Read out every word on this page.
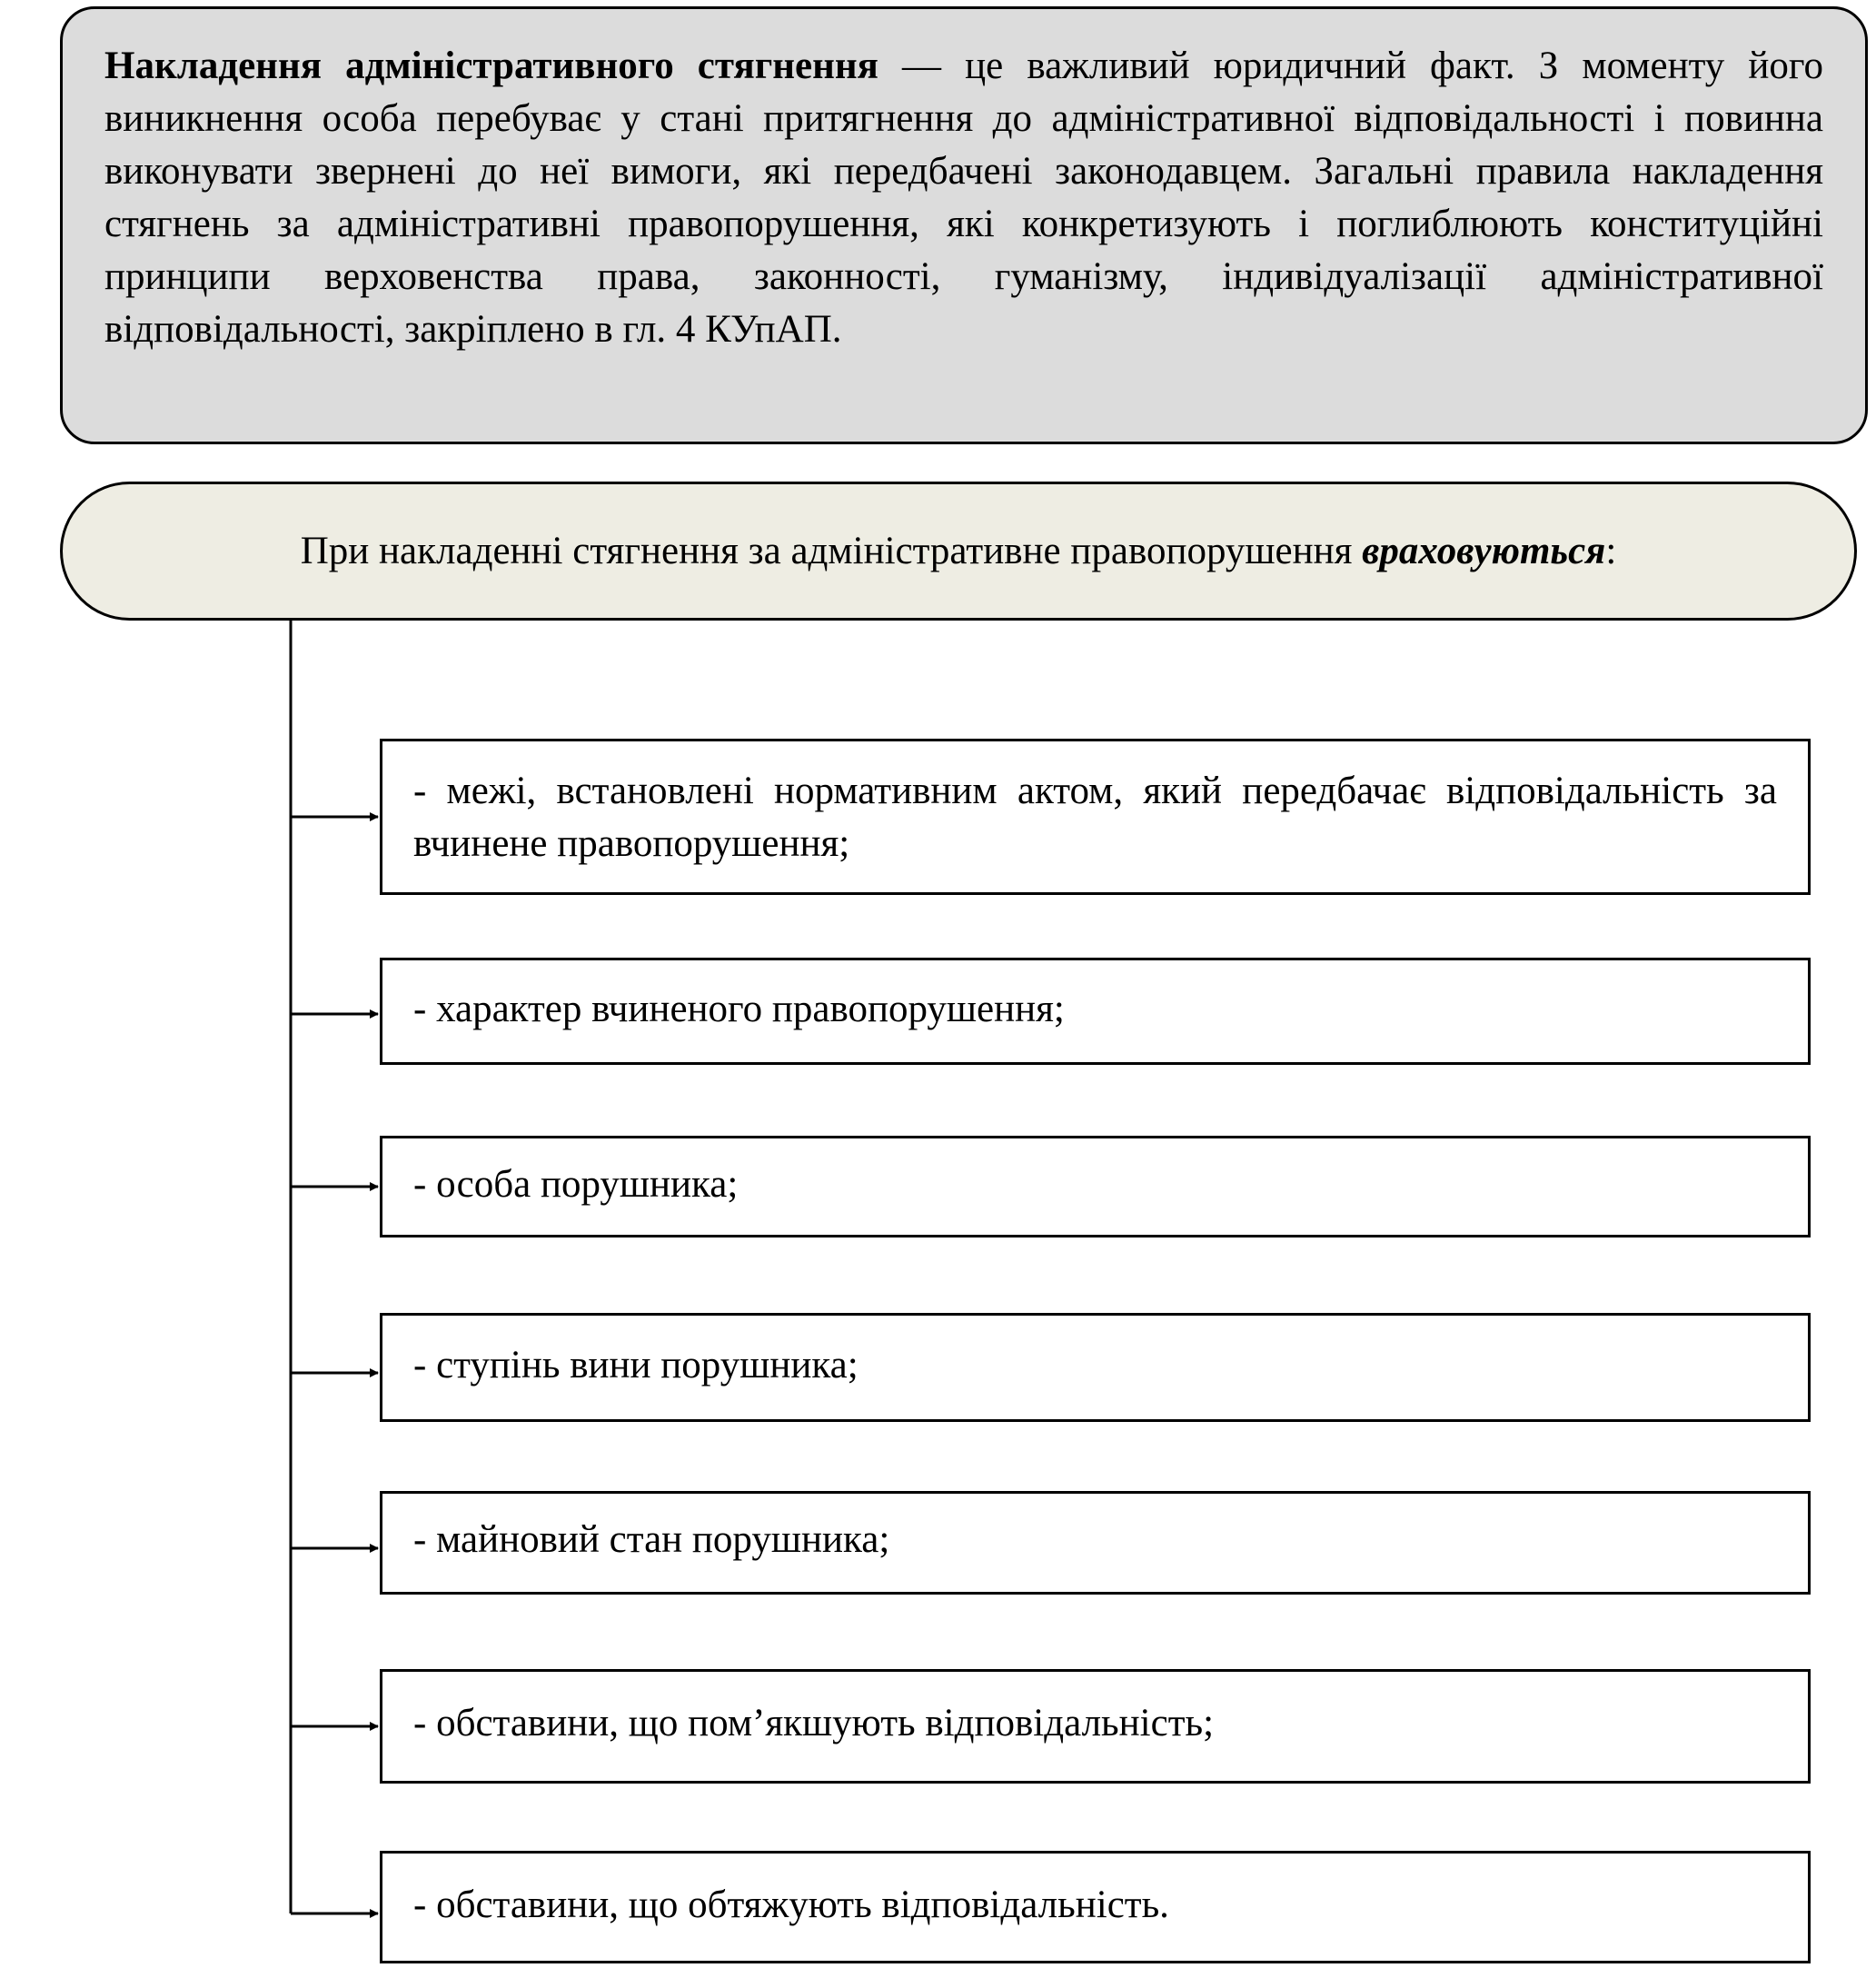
Накладення адміністративного стягнення — це важливий юридичний факт. З моменту його виникнення особа перебуває у стані притягнення до адміністративної відповідальності і повинна виконувати звернені до неї вимоги, які передбачені законодавцем. Загальні правила накладення стягнень за адміністративні правопорушення, які конкретизують і поглиблюють конституційні принципи верховенства права, законності, гуманізму, індивідуалізації адміністративної відповідальності, закріплено в гл. 4 КУпАП.
При накладенні стягнення за адміністративне правопорушення враховуються:
- межі, встановлені нормативним актом, який передбачає відповідальність за вчинене правопорушення;
- характер вчиненого правопорушення;
- особа порушника;
- ступінь вини порушника;
- майновий стан порушника;
- обставини, що пом’якшують відповідальність;
- обставини, що обтяжують відповідальність.
